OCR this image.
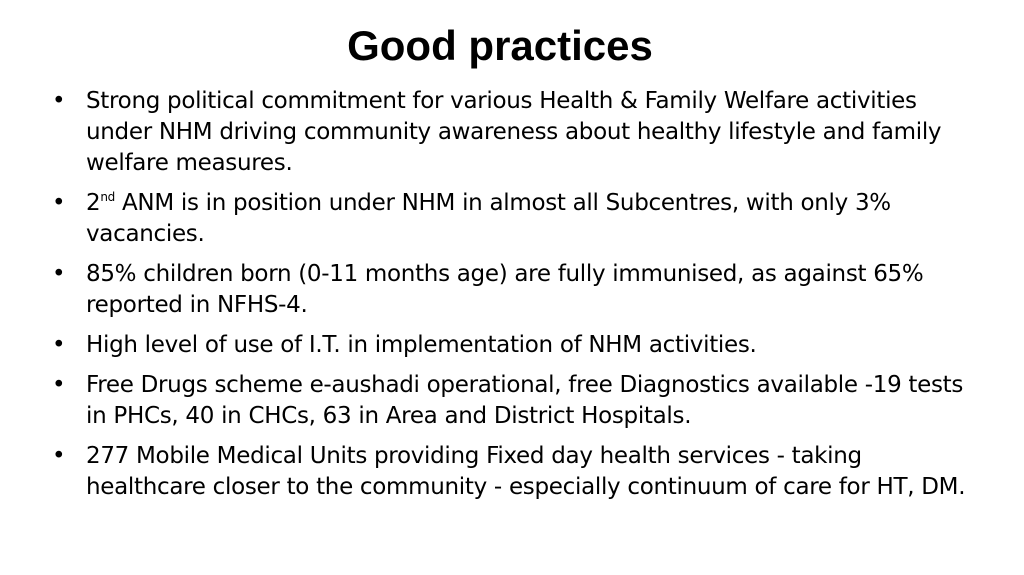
Good practices
• Strong political commitment for various Health & Family Welfare activities under NHM driving community awareness about healthy lifestyle and family welfare measures.
• 2nd ANM is in position under NHM in almost all Subcentres, with only 3% vacancies.
• 85% children born (0-11 months age) are fully immunised, as against 65% reported in NFHS-4.
• High level of use of I.T. in implementation of NHM activities.
• Free Drugs scheme e-aushadi operational, free Diagnostics available -19 tests in PHCs, 40 in CHCs, 63 in Area and District Hospitals.
• 277 Mobile Medical Units providing Fixed day health services - taking healthcare closer to the community - especially continuum of care for HT, DM.
